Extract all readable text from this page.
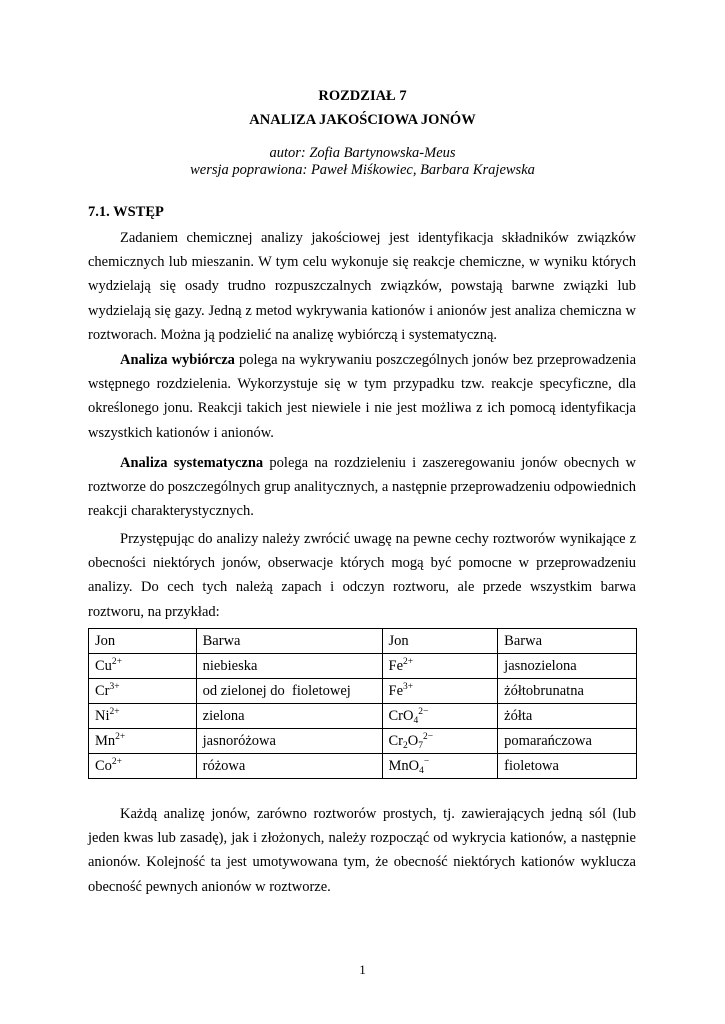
ROZDZIAŁ 7
ANALIZA JAKOŚCIOWA JONÓW
autor: Zofia Bartynowska-Meus
wersja poprawiona: Paweł Miśkowiec, Barbara Krajewska
7.1. WSTĘP

Zadaniem chemicznej analizy jakościowej jest identyfikacja składników związków chemicznych lub mieszanin. W tym celu wykonuje się reakcje chemiczne, w wyniku których wydzielają się osady trudno rozpuszczalnych związków, powstają barwne związki lub wydzielają się gazy. Jedną z metod wykrywania kationów i anionów jest analiza chemiczna w roztworach. Można ją podzielić na analizę wybiórczą i systematyczną.

Analiza wybiórcza polega na wykrywaniu poszczególnych jonów bez przeprowadzenia wstępnego rozdzielenia. Wykorzystuje się w tym przypadku tzw. reakcje specyficzne, dla określonego jonu. Reakcji takich jest niewiele i nie jest możliwa z ich pomocą identyfikacja wszystkich kationów i anionów.

Analiza systematyczna polega na rozdzieleniu i zaszeregowaniu jonów obecnych w roztworze do poszczególnych grup analitycznych, a następnie przeprowadzeniu odpowiednich reakcji charakterystycznych.

Przystępując do analizy należy zwrócić uwagę na pewne cechy roztworów wynikające z obecności niektórych jonów, obserwacje których mogą być pomocne w przeprowadzeniu analizy. Do cech tych należą zapach i odczyn roztworu, ale przede wszystkim barwa roztworu, na przykład:

Jon	Barwa	Jon	Barwa
$Cu^{2+}$	niebieska	$Fe^{2+}$	jasnozielona
$Cr^{3+}$	od zielonej do  fioletowej	$Fe^{3+}$	żółtobrunatna
$Ni^{2+}$	zielona	CrO$_4^{2-}$	żółta
$Mn^{2+}$	jasnoróżowa	$Cr_2O_7^{2-}$	pomarańczowa
$Co^{2+}$	różowa	MnO$_4$−	fioletowa

Każdą analizę jonów, zarówno roztworów prostych, tj. zawierających jedną sól (lub jeden kwas lub zasadę), jak i złożonych, należy rozpocząć od wykrycia kationów, a następnie anionów. Kolejność ta jest umotywowana tym, że obecność niektórych kationów wyklucza obecność pewnych anionów w roztworze.

1
